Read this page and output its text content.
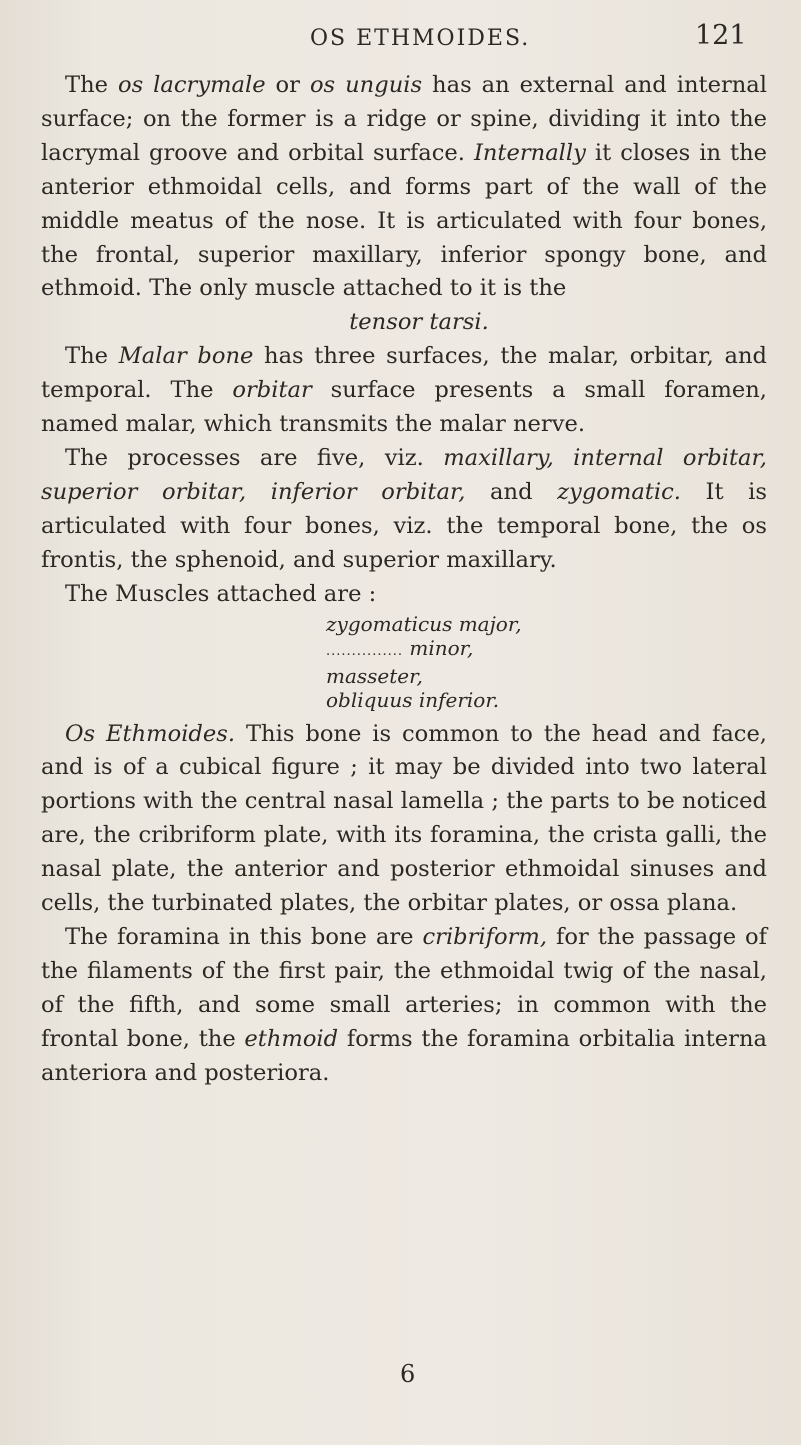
OS ETHMOIDES.	121

The os lacrymale or os unguis has an external and internal surface; on the former is a ridge or spine, dividing it into the lacrymal groove and orbital surface. Internally it closes in the anterior ethmoidal cells, and forms part of the wall of the middle meatus of the nose. It is articulated with four bones, the frontal, superior maxillary, inferior spongy bone, and ethmoid. The only muscle attached to it is the

tensor tarsi.

The Malar bone has three surfaces, the malar, orbitar, and temporal. The orbitar surface presents a small foramen, named malar, which transmits the malar nerve.

The processes are five, viz. maxillary, internal orbitar, superior orbitar, inferior orbitar, and zygomatic. It is articulated with four bones, viz. the temporal bone, the os frontis, the sphenoid, and superior maxillary.

The Muscles attached are :

zygomaticus major,
............... minor,
masseter,
obliquus inferior.

Os Ethmoides. This bone is common to the head and face, and is of a cubical figure ; it may be divided into two lateral portions with the central nasal lamella ; the parts to be noticed are, the cribriform plate, with its foramina, the crista galli, the nasal plate, the anterior and posterior ethmoidal sinuses and cells, the turbinated plates, the orbitar plates, or ossa plana.

The foramina in this bone are cribriform, for the passage of the filaments of the first pair, the ethmoidal twig of the nasal, of the fifth, and some small arteries; in common with the frontal bone, the ethmoid forms the foramina orbitalia interna anteriora and posteriora.

6
